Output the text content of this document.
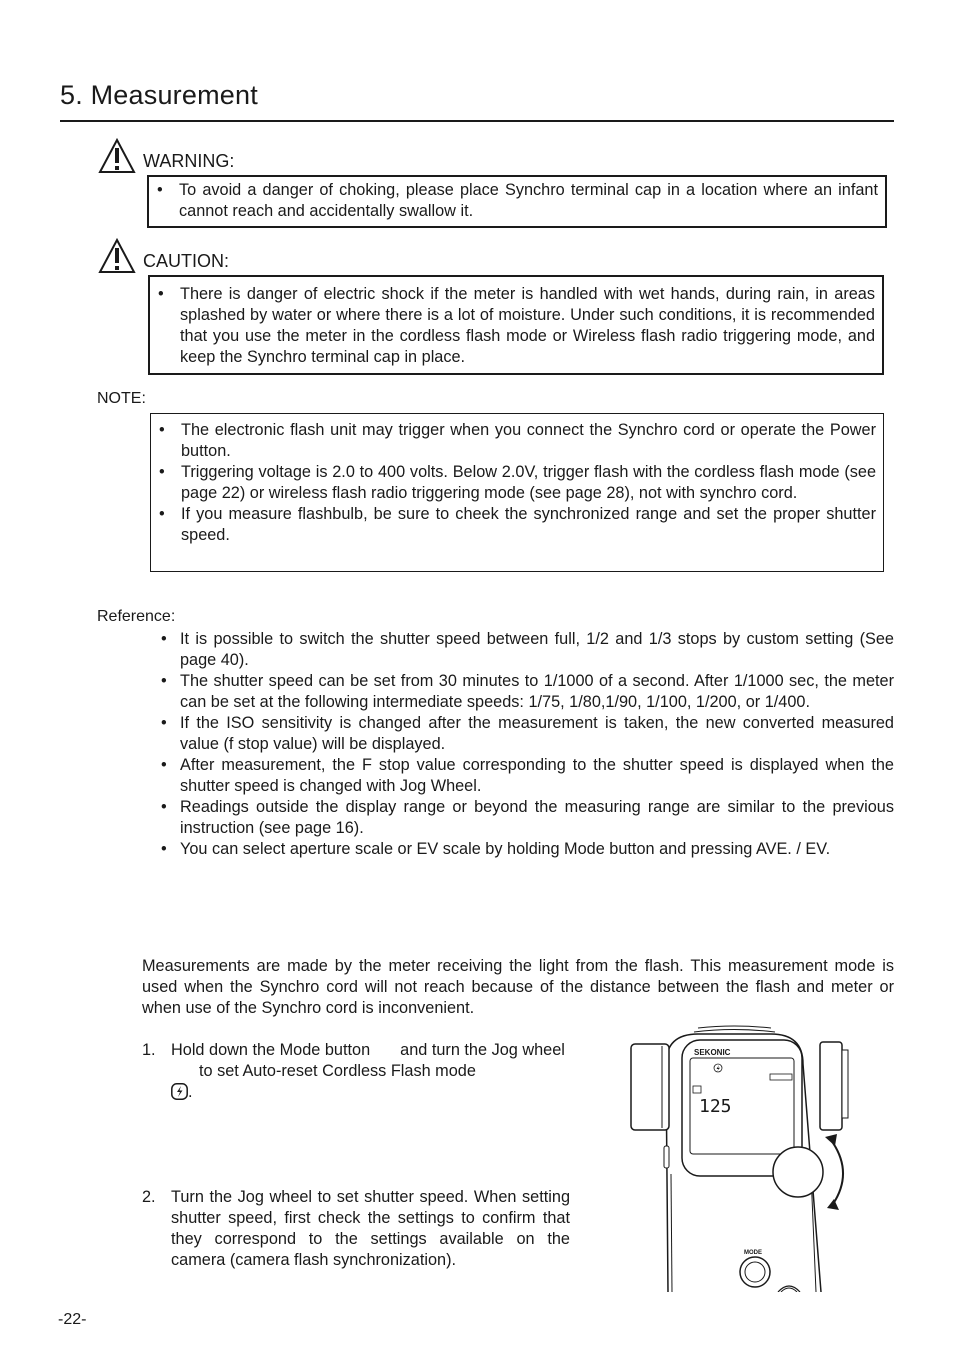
5. Measurement
WARNING:
• To avoid a danger of choking, please place Synchro terminal cap in a location where an infant cannot reach and accidentally swallow it.
CAUTION:
• There is danger of electric shock if the meter is handled with wet hands, during rain, in areas splashed by water or where there is a lot of moisture. Under such conditions, it is recommended that you use the meter in the cordless flash mode or Wireless flash radio triggering mode, and keep the Synchro terminal cap in place.
NOTE:
• The electronic flash unit may trigger when you connect the Synchro cord or operate the Power button.
• Triggering voltage is 2.0 to 400 volts. Below 2.0V, trigger flash with the cordless flash mode (see page 22) or wireless flash radio triggering mode (see page 28), not with synchro cord.
• If you measure flashbulb, be sure to cheek the synchronized range and set the proper shutter speed.
Reference:
• It is possible to switch the shutter speed between full, 1/2 and 1/3 stops by custom setting (See page 40).
• The shutter speed can be set from 30 minutes to 1/1000 of a second. After 1/1000 sec, the meter can be set at the following intermediate speeds: 1/75, 1/80,1/90, 1/100, 1/200, or 1/400.
• If the ISO sensitivity is changed after the measurement is taken, the new converted measured value (f stop value) will be displayed.
• After measurement, the F stop value corresponding to the shutter speed is displayed when the shutter speed is changed with Jog Wheel.
• Readings outside the display range or beyond the measuring range are similar to the previous instruction (see page 16).
• You can select aperture scale or EV scale by holding Mode button and pressing AVE. / EV.
Measurements are made by the meter receiving the light from the flash. This measurement mode is used when the Synchro cord will not reach because of the distance between the flash and meter or when use of the Synchro cord is inconvenient.
1. Hold down the Mode button and turn the Jog wheelto set Auto-reset Cordless Flash mode
.
2. Turn the Jog wheel to set shutter speed. When setting shutter speed, first check the settings to confirm that they correspond to the settings available on the camera (camera flash synchronization).
SEKONIC
125
MODE
-22-
